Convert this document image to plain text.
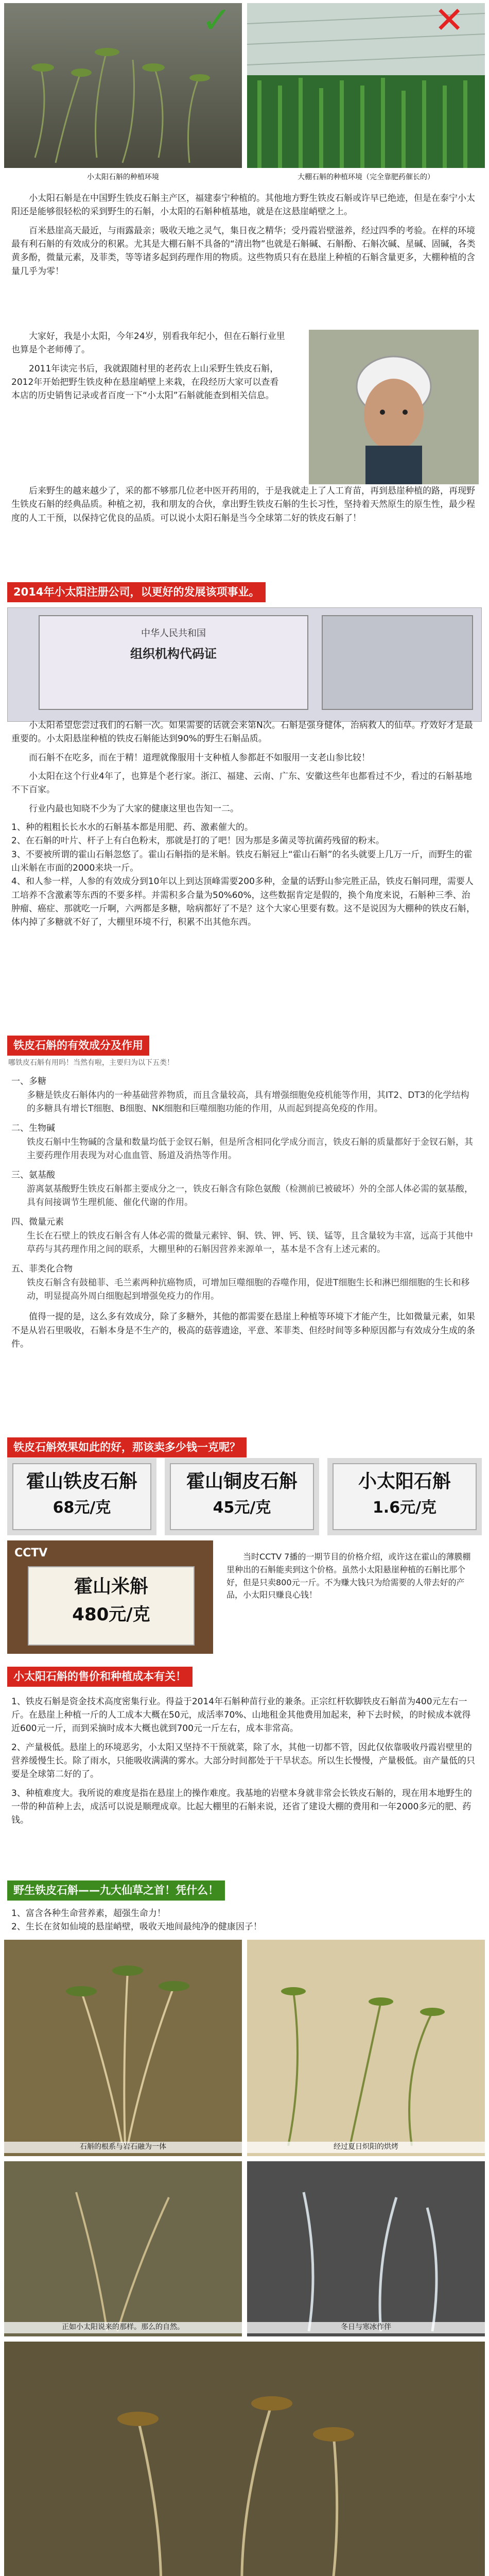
✓	✕
小太阳石斛的种植环境	大棚石斛的种植环境（完全靠肥药催长的）

小太阳石斛是在中国野生铁皮石斛主产区，福建泰宁种植的。其他地方野生铁皮石斛或许早已绝迹，但是在泰宁小太阳还是能够很轻松的采到野生的石斛，小太阳的石斛种植基地，就是在这悬崖峭壁之上。

百米悬崖高天最近，与雨露最亲；吸收天地之灵气，集日夜之精华；受丹霞岩壁滋养，经过四季的考验。在样的环境最有利石斛的有效成分的积累。尤其是大棚石斛不具备的“清出物”也就是石斛碱、石斛酚、石斛次碱、星碱、固碱，各类黄多酚，微量元素，及菲类，等等诸多起到药理作用的物质。这些物质只有在悬崖上种植的石斛含量更多，大棚种植的含量几乎为零！

大家好，我是小太阳，今年24岁，别看我年纪小，但在石斛行业里也算是个老师傅了。

2011年读完书后，我就跟随村里的老药农上山采野生铁皮石斛，2012年开始把野生铁皮种在悬崖峭壁上来栽，在段经历大家可以查看本店的历史销售记录或者百度一下“小太阳”石斛就能查到相关信息。

后来野生的越来越少了，采的都不够那几位老中医开药用的，于是我就走上了人工育苗，再到悬崖种植的路，再现野生铁皮石斛的经典品质。种植之初，我和朋友的合伙，拿出野生铁皮石斛的生长习性，坚持着天然原生的原生性，最少程度的人工干预，以保持它优良的品质。可以说小太阳石斛是当今全球第二好的铁皮石斛了！

2014年小太阳注册公司，以更好的发展该项事业。
中华人民共和国
组织机构代码证

小太阳希望您尝过我们的石斛一次。如果需要的话就会来第N次。石斛是强身健体，治病救人的仙草。疗效好才是最重要的。小太阳悬崖种植的铁皮石斛能达到90%的野生石斛品质。

而石斛不在吃多，而在于精！道理就像服用十支种植人参都赶不如服用一支老山参比较！

小太阳在这个行业4年了，也算是个老行家。浙江、福建、云南、广东、安徽这些年也都看过不少，看过的石斛基地不下百家。

行业内最也知晓不少为了大家的健康这里也告知一二。

1、种的粗粗长长水水的石斛基本都是用肥、药、激素催大的。
2、在石斛的叶片、杆子上有白色粉末，那就是打的了吧！因为那是多菌灵等抗菌药残留的粉末。
3、不要被所谓的霍山石斛忽悠了。霍山石斛指的是米斛。铁皮石斛冠上“霍山石斛”的名头就要上几万一斤，而野生的霍山米斛在市面的2000来块一斤。
4、和人参一样，人参的有效成分到10年以上到达顶峰需要200多种，金量的话野山参完胜正品，铁皮石斛同理，需要人工培养不含激素等东西的不要多样。并需积多合量为50%60%，这些数据肯定是假的，换个角度来说，石斛种三季、治肿瘤、癌症、那就吃一斤啊，六两都是多糖，啥病都好了不是？这个大家心里要有数。这不是说因为大棚种的铁皮石斛，体内掉了多糖就不好了，大棚里环境不行，积累不出其他东西。
铁皮石斛的有效成分及作用
哪铁皮石斛有用吗！当然有啦，主要归为以下五类！
一、多糖
多糖是铁皮石斛体内的一种基础营养物质，而且含量较高，具有增强细胞免疫机能等作用，其IT2、DT3的化学结构的多糖具有增长T细胞、B细胞、NK细胞和巨噬细胞功能的作用，从而起到提高免疫的作用。
二、生物碱
铁皮石斛中生物碱的含量和数量均低于金钗石斛，但是所含相同化学成分而言，铁皮石斛的质量都好于金钗石斛，其主要药理作用表现为对心血血管、肠道及消热等作用。
三、氨基酸
游离氨基酸野生铁皮石斛都主要成分之一，铁皮石斛含有除色氨酸（检测前已被破坏）外的全部人体必需的氨基酸，具有间接调节生理机能、催化代谢的作用。
四、微量元素
生长在石壁上的铁皮石斛含有人体必需的微量元素锌、铜、铁、钾、钙、镁、锰等，且含量较为丰富，远高于其他中草药与其药理作用之间的联系，大棚里种的石斛因营养来源单一，基本是不含有上述元素的。
五、菲类化合物
铁皮石斛含有鼓槌菲、毛兰素两种抗癌物质，可增加巨噬细胞的吞噬作用，促进T细胞生长和淋巴细细胞的生长和移动，明显提高外周白细胞起到增强免疫力的作用。

值得一提的是，这么多有效成分，除了多糖外，其他的都需要在悬崖上种植等环境下才能产生，比如微量元素，如果不是从岩石里吸收，石斛本身是不生产的，极高的菇蓉遗途，平意、苯菲类、但经时间等多种原因都与有效成分生成的条件。

铁皮石斛效果如此的好，那该卖多少钱一克呢？
霍山铁皮石斛
68元/克
霍山铜皮石斛
45元/克
小太阳石斛
1.6元/克
CCTV
霍山米斛
480元/克

当时CCTV 7播的一期节目的价格介绍，或许这在霍山的薄膜棚里种出的石斛能卖到这个价格。虽然小太阳悬崖种植的石斛比那个好，但是只卖800元一斤。不为赚大钱只为给需要的人带去好的产品，小太阳只赚良心钱！

小太阳石斛的售价和种植成本有关！

1、铁皮石斛是资金技术高度密集行业。得益于2014年石斛种苗行业的兼条。正宗红杆软脚铁皮石斛苗为400元左右一斤。在悬崖上种植一斤的人工成本大概在50元，成活率70%、山地租金其他费用加起来，种下去时候，的时候成本就得近600元一斤，而到采摘时成本大概也就到700元一斤左右，成本非常高。

2、产量极低。悬崖上的环境恶劣，小太阳又坚持不干预就菜，除了水，其他一切都不管，因此仅依靠吸收丹霞岩壁里的营养缓慢生长。除了雨水，只能吸收满满的雾水。大部分时间都处于干旱状态。所以生长慢慢，产量极低。亩产量低的只要是全球第二好的了。

3、种植难度大。我所说的难度是指在悬崖上的操作难度。我基地的岩壁本身就非常会长铁皮石斛的，现在用本地野生的一带的种苗种上去，成活可以说是顺理成章。比起大棚里的石斛来说，还省了建设大棚的费用和一年2000多元的肥、药钱。

野生铁皮石斛——九大仙草之首！凭什么！
1、富含各种生命营养素，超强生命力！
2、生长在贫如仙境的悬崖峭壁，吸收天地间最纯净的健康因子！
石斛的根系与岩石融为一体	经过夏日炽阳的烘烤
正如小太阳说来的那样。那么的自然。	冬日与寒冰作伴
